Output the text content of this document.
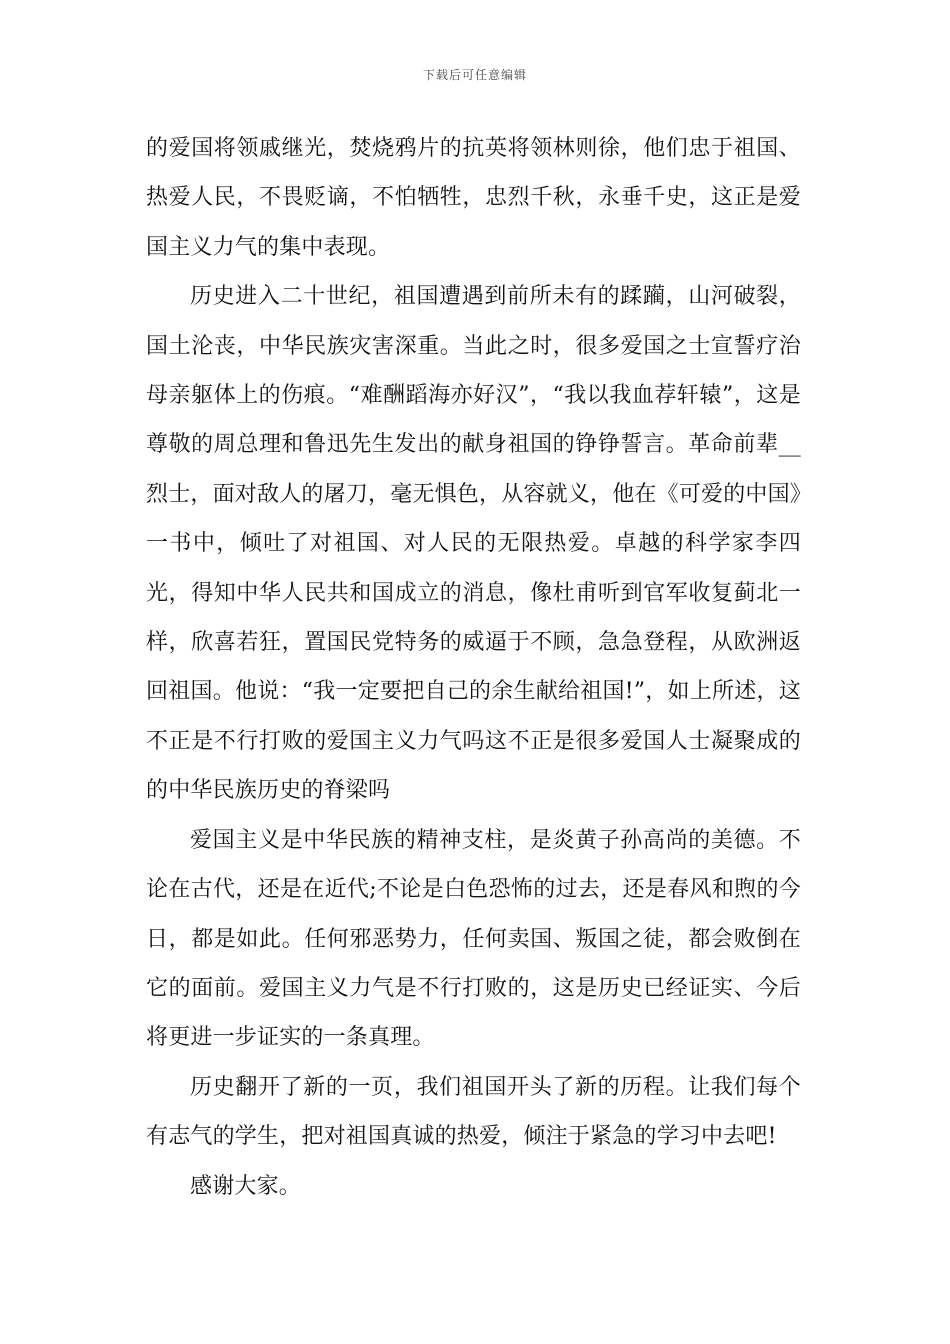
下载后可任意编辑

的爱国将领戚继光，焚烧鸦片的抗英将领林则徐，他们忠于祖国、热爱人民，不畏贬谪，不怕牺牲，忠烈千秋，永垂千史，这正是爱国主义力气的集中表现。

历史进入二十世纪，祖国遭遇到前所未有的蹂躏，山河破裂，国土沦丧，中华民族灾害深重。当此之时，很多爱国之士宣誓疗治母亲躯体上的伤痕。“难酬蹈海亦好汉”，“我以我血荐轩辕”，这是尊敬的周总理和鲁迅先生发出的献身祖国的铮铮誓言。革命前辈__烈士，面对敌人的屠刀，毫无惧色，从容就义，他在《可爱的中国》一书中，倾吐了对祖国、对人民的无限热爱。卓越的科学家李四光，得知中华人民共和国成立的消息，像杜甫听到官军收复蓟北一样，欣喜若狂，置国民党特务的威逼于不顾，急急登程，从欧洲返回祖国。他说：“我一定要把自己的余生献给祖国!”，如上所述，这不正是不行打败的爱国主义力气吗这不正是很多爱国人士凝聚成的的中华民族历史的脊梁吗

爱国主义是中华民族的精神支柱，是炎黄子孙高尚的美德。不论在古代，还是在近代;不论是白色恐怖的过去，还是春风和煦的今日，都是如此。任何邪恶势力，任何卖国、叛国之徒，都会败倒在它的面前。爱国主义力气是不行打败的，这是历史已经证实、今后将更进一步证实的一条真理。

历史翻开了新的一页，我们祖国开头了新的历程。让我们每个有志气的学生，把对祖国真诚的热爱，倾注于紧急的学习中去吧!

感谢大家。
